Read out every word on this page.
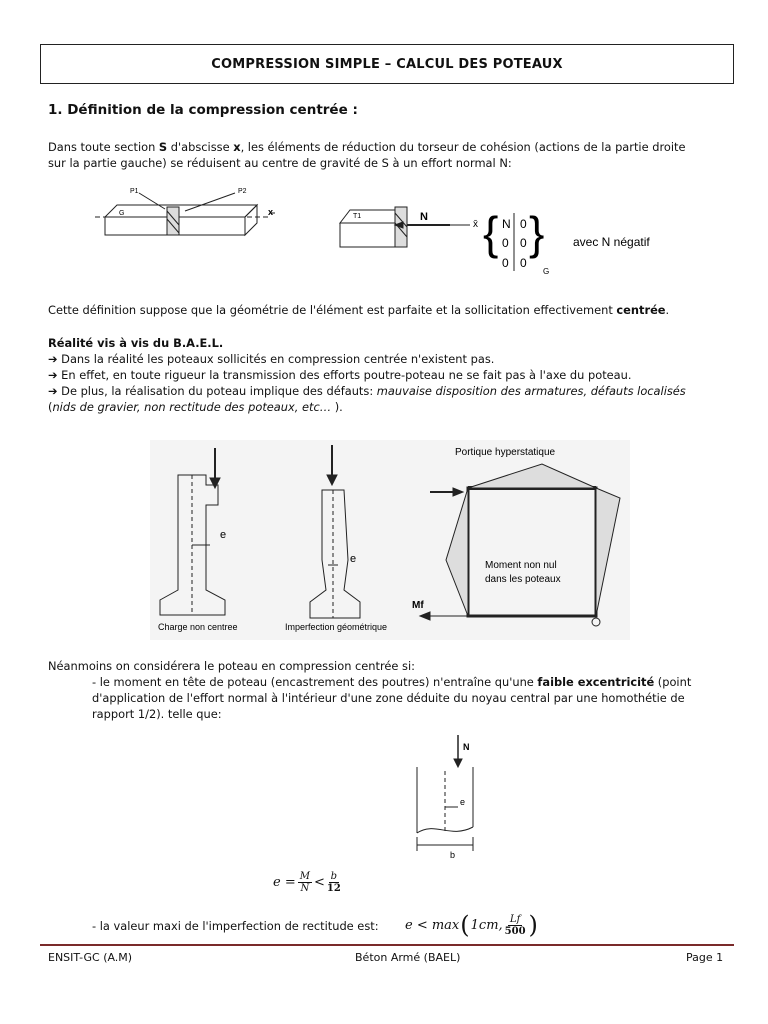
COMPRESSION SIMPLE – CALCUL DES POTEAUX
1. Définition de la compression centrée :
Dans toute section S d'abscisse x, les éléments de réduction du torseur de cohésion (actions de la partie droite
sur la partie gauche) se réduisent au centre de gravité de S à un effort normal N:
P1	P2
G	x	T1	N
x̄ { N 0
0 0
0 0
}
G
avec N négatif
Cette définition suppose que la géométrie de l'élément est parfaite et la sollicitation effectivement centrée.
Réalité vis à vis du B.A.E.L.
➔ Dans la réalité les poteaux sollicités en compression centrée n'existent pas.
➔ En effet, en toute rigueur la transmission des efforts poutre-poteau ne se fait pas à l'axe du poteau.
➔ De plus, la réalisation du poteau implique des défauts: mauvaise disposition des armatures, défauts localisés
(nids de gravier, non rectitude des poteaux, etc… ).
e
Charge non centree
e
Imperfection géométrique
Portique hyperstatique
Moment non nul
dans les poteaux
Mf
Néanmoins on considérera le poteau en compression centrée si:
- le moment en tête de poteau (encastrement des poutres) n'entraîne qu'une faible excentricité (point
d'application de l'effort normal à l'intérieur d'une zone déduite du noyau central par une homothétie de
rapport 1/2). telle que:
N
e
b
$e = \frac{M}{N} < \frac{b}{12}$
- la valeur maxi de l'imperfection de rectitude est: e < max ( 1cm, $\frac{Lf}{500}$ )
ENSIT-GC (A.M)	Béton Armé (BAEL)	Page 1
